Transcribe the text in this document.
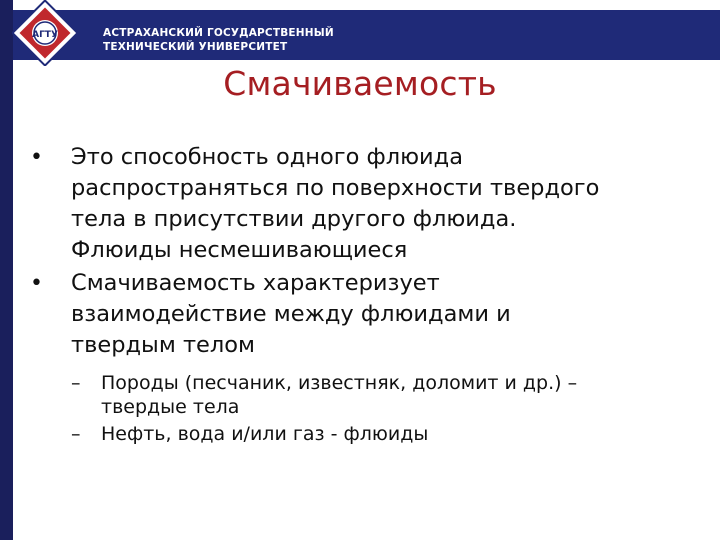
АСТРАХАНСКИЙ ГОСУДАРСТВЕННЫЙ
ТЕХНИЧЕСКИЙ УНИВЕРСИТЕТ
АГТУ
Смачиваемость
• Это способность одного флюида
распространяться по поверхности твердого
тела в присутствии другого флюида.
Флюиды несмешивающиеся
• Смачиваемость характеризует
взаимодействие между флюидами и
твердым телом
– Породы (песчаник, известняк, доломит и др.) –
твердые тела
– Нефть, вода и/или газ - флюиды
